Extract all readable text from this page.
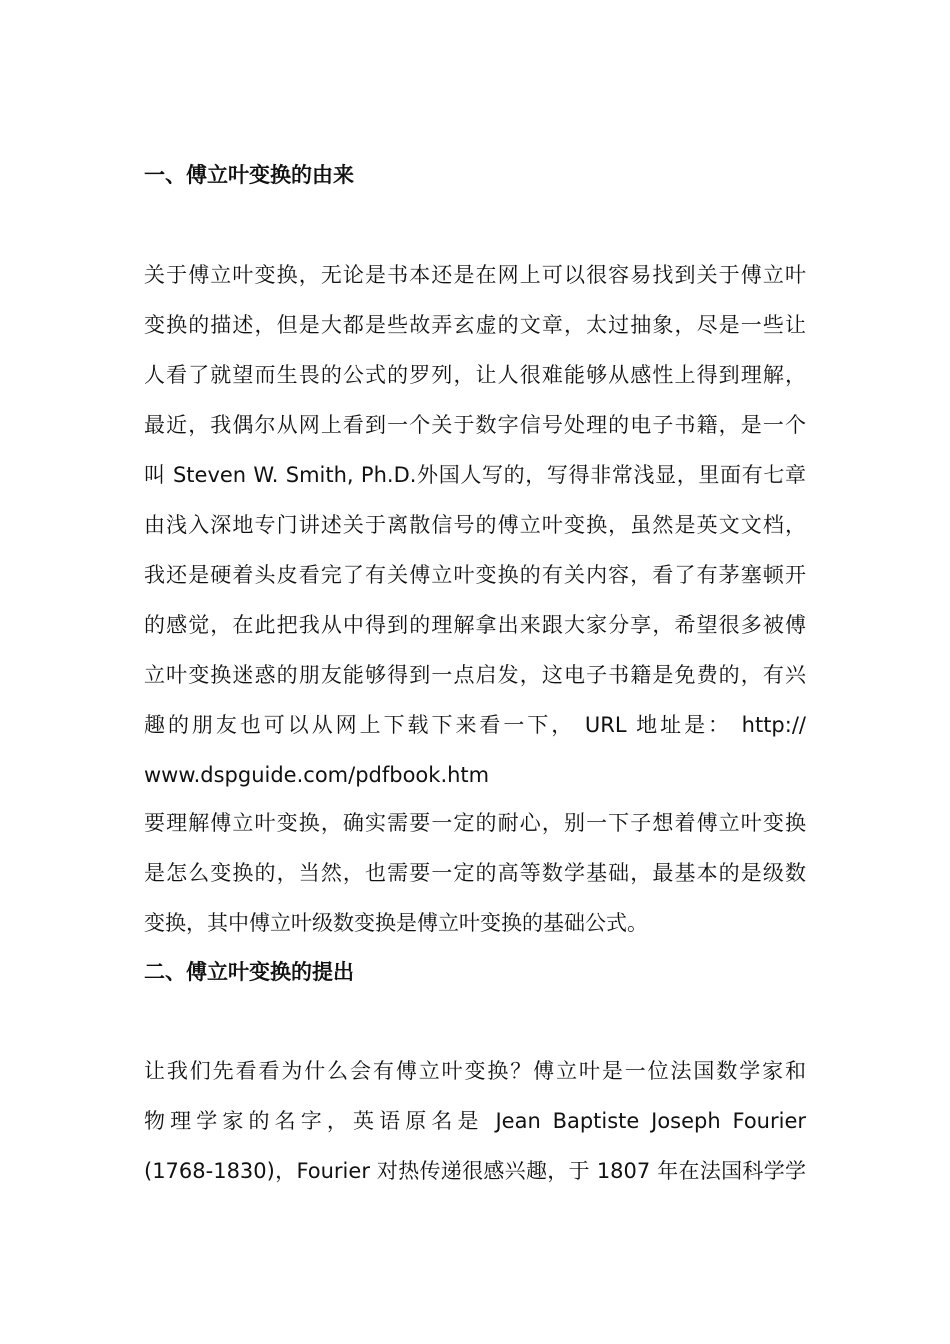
一、傅立叶变换的由来
关于傅立叶变换，无论是书本还是在网上可以很容易找到关于傅立叶
变换的描述，但是大都是些故弄玄虚的文章，太过抽象，尽是一些让
人看了就望而生畏的公式的罗列，让人很难能够从感性上得到理解，
最近，我偶尔从网上看到一个关于数字信号处理的电子书籍，是一个
叫 Steven W. Smith, Ph.D.外国人写的，写得非常浅显，里面有七章
由浅入深地专门讲述关于离散信号的傅立叶变换，虽然是英文文档，
我还是硬着头皮看完了有关傅立叶变换的有关内容，看了有茅塞顿开
的感觉，在此把我从中得到的理解拿出来跟大家分享，希望很多被傅
立叶变换迷惑的朋友能够得到一点启发，这电子书籍是免费的，有兴
趣的朋友也可以从网上下载下来看一下， URL 地址是： http://
www.dspguide.com/pdfbook.htm
要理解傅立叶变换，确实需要一定的耐心，别一下子想着傅立叶变换
是怎么变换的，当然，也需要一定的高等数学基础，最基本的是级数
变换，其中傅立叶级数变换是傅立叶变换的基础公式。
二、傅立叶变换的提出
让我们先看看为什么会有傅立叶变换？傅立叶是一位法国数学家和
物理学家的名字，英语原名是 Jean Baptiste Joseph Fourier
(1768-1830)，Fourier 对热传递很感兴趣，于 1807 年在法国科学学
